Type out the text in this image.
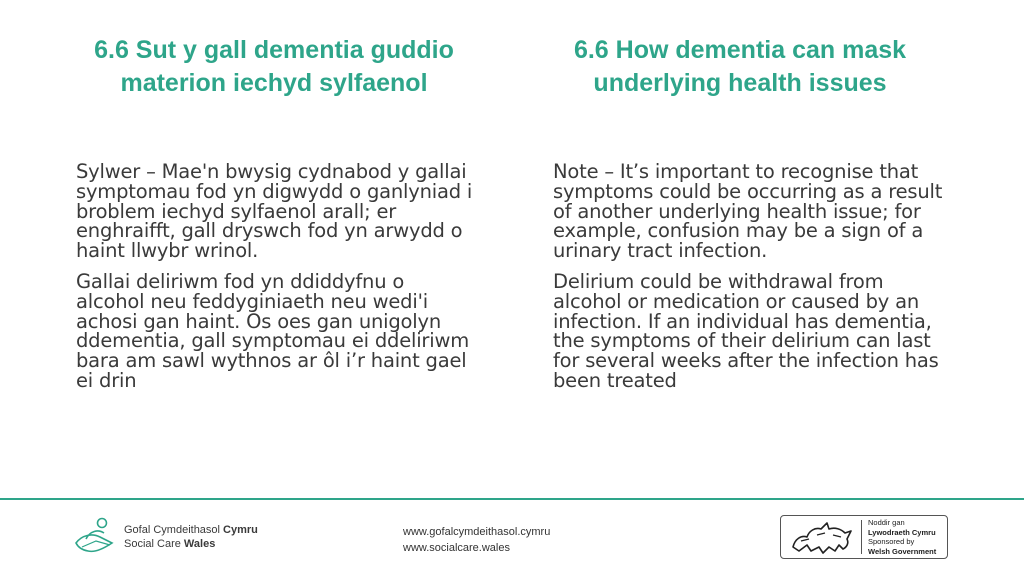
6.6 Sut y gall dementia guddio materion iechyd sylfaenol
6.6 How dementia can mask underlying health issues

Sylwer – Mae'n bwysig cydnabod y gallai symptomau fod yn digwydd o ganlyniad i broblem iechyd sylfaenol arall; er enghraifft, gall dryswch fod yn arwydd o haint llwybr wrinol.

Gallai deliriwm fod yn ddiddyfnu o alcohol neu feddyginiaeth neu wedi'i achosi gan haint. Os oes gan unigolyn ddementia, gall symptomau ei ddeliriwm bara am sawl wythnos ar ôl i’r haint gael ei drin

Note – It’s important to recognise that symptoms could be occurring as a result of another underlying health issue; for example, confusion may be a sign of a urinary tract infection.

Delirium could be withdrawal from alcohol or medication or caused by an infection. If an individual has dementia, the symptoms of their delirium can last for several weeks after the infection has been treated

Gofal Cymdeithasol Cymru
Social Care Wales
www.gofalcymdeithasol.cymru
www.socialcare.wales
Noddir gan
Lywodraeth Cymru
Sponsored by
Welsh Government
